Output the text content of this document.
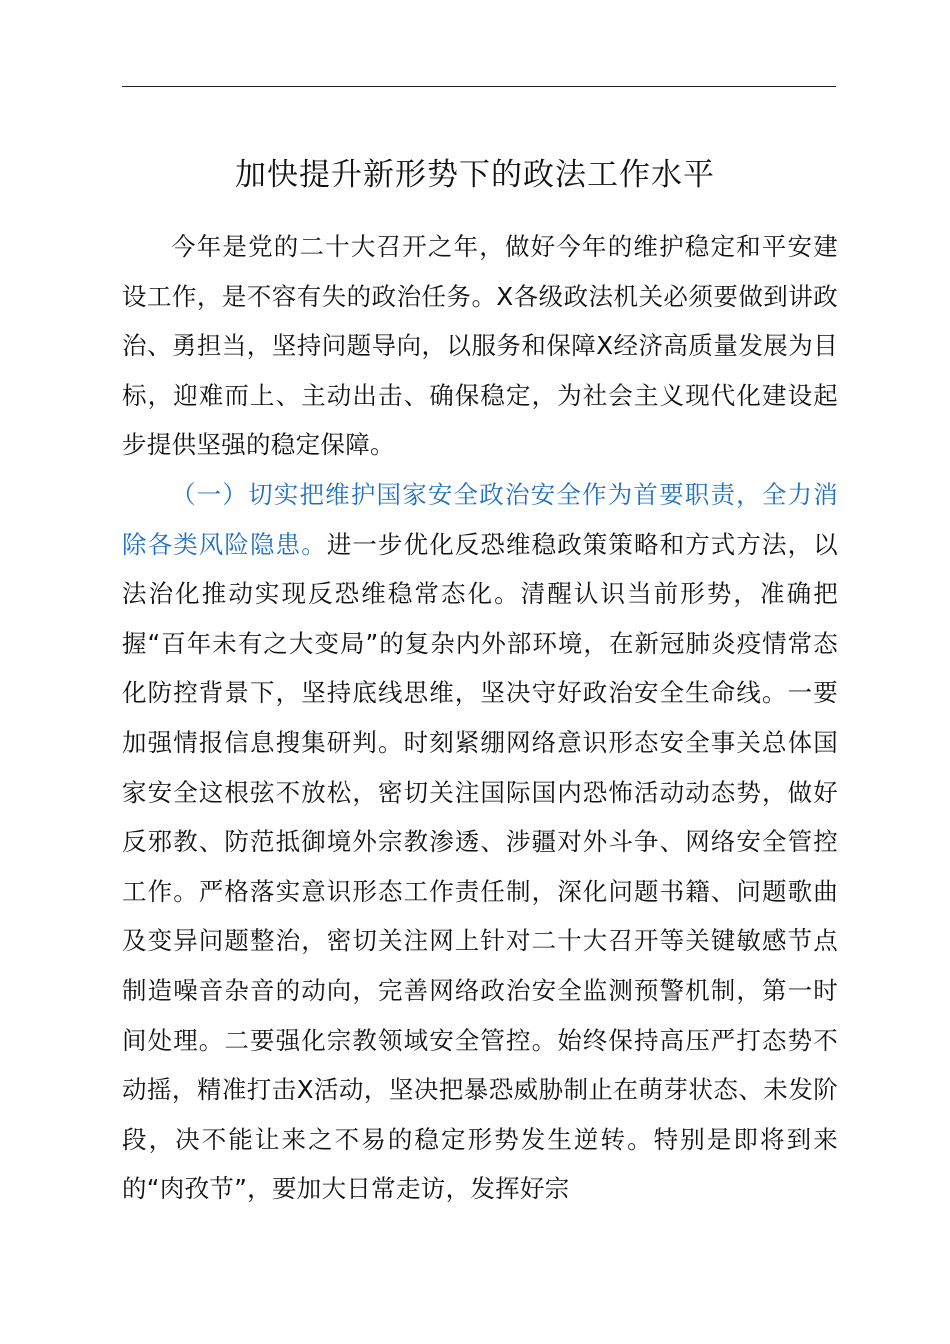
加快提升新形势下的政法工作水平

今年是党的二十大召开之年，做好今年的维护稳定和平安建设工作，是不容有失的政治任务。X各级政法机关必须要做到讲政治、勇担当，坚持问题导向，以服务和保障X经济高质量发展为目标，迎难而上、主动出击、确保稳定，为社会主义现代化建设起步提供坚强的稳定保障。

（一）切实把维护国家安全政治安全作为首要职责，全力消除各类风险隐患。进一步优化反恐维稳政策策略和方式方法，以法治化推动实现反恐维稳常态化。清醒认识当前形势，准确把握“百年未有之大变局”的复杂内外部环境，在新冠肺炎疫情常态化防控背景下，坚持底线思维，坚决守好政治安全生命线。一要加强情报信息搜集研判。时刻紧绷网络意识形态安全事关总体国家安全这根弦不放松，密切关注国际国内恐怖活动动态势，做好反邪教、防范抵御境外宗教渗透、涉疆对外斗争、网络安全管控工作。严格落实意识形态工作责任制，深化问题书籍、问题歌曲及变异问题整治，密切关注网上针对二十大召开等关键敏感节点制造噪音杂音的动向，完善网络政治安全监测预警机制，第一时间处理。二要强化宗教领域安全管控。始终保持高压严打态势不动摇，精准打击X活动，坚决把暴恐威胁制止在萌芽状态、未发阶段，决不能让来之不易的稳定形势发生逆转。特别是即将到来的“肉孜节”，要加大日常走访，发挥好宗
